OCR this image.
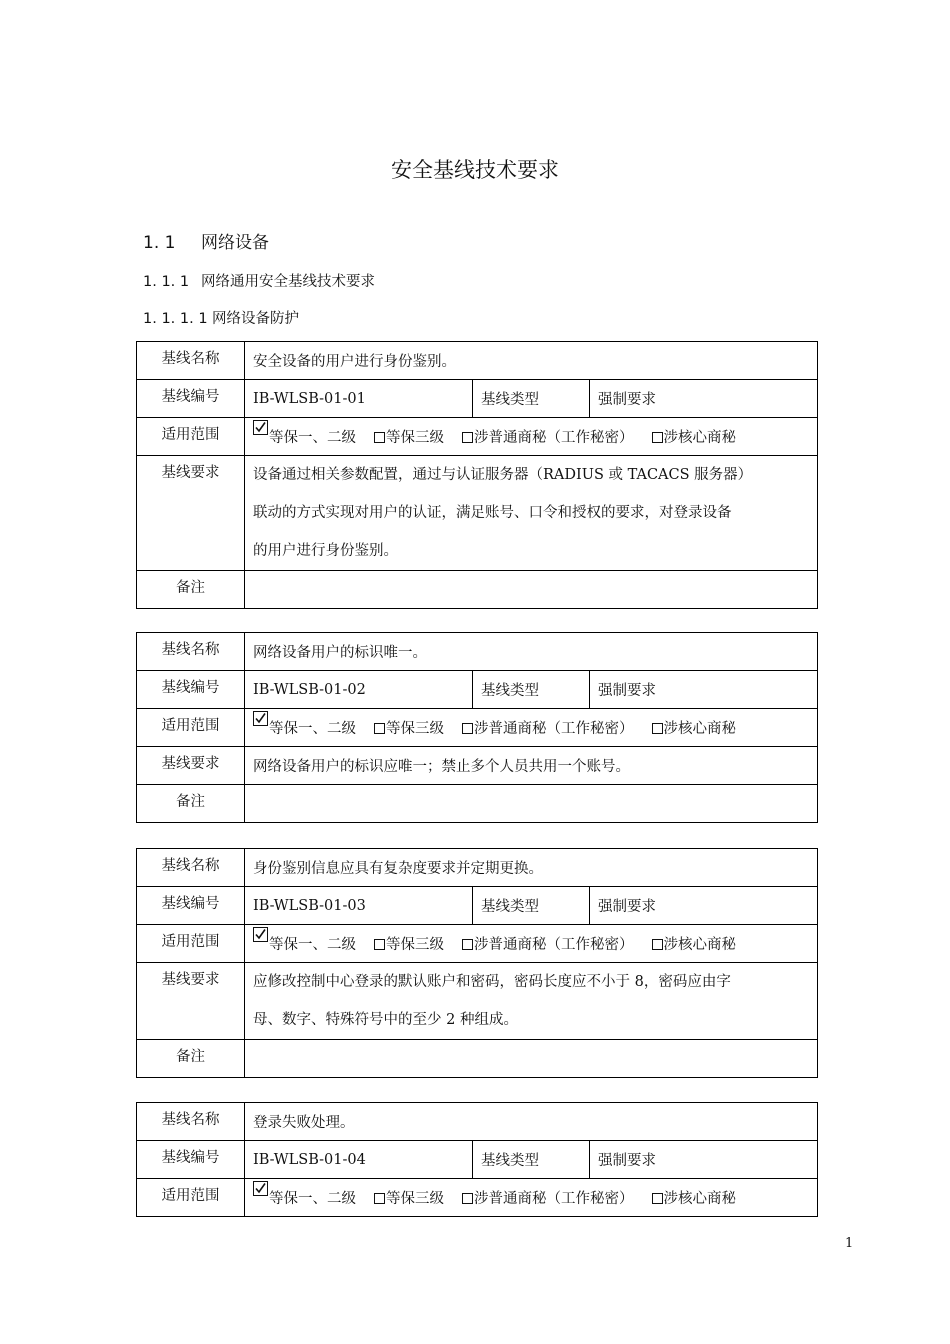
安全基线技术要求
1. 1 网络设备
1. 1. 1 网络通用安全基线技术要求
1. 1. 1. 1 网络设备防护
基线名称	安全设备的用户进行身份鉴别。		
基线编号	IB-WLSB-01-01	基线类型	强制要求
适用范围	等保一、二级 等保三级 涉普通商秘（工作秘密） 涉核心商秘		
基线要求	设备通过相关参数配置，通过与认证服务器（RADIUS 或 TACACS 服务器）
联动的方式实现对用户的认证，满足账号、口令和授权的要求，对登录设备
的用户进行身份鉴别。		

备注			
基线名称	网络设备用户的标识唯一。		
基线编号	IB-WLSB-01-02	基线类型	强制要求
适用范围	等保一、二级 等保三级 涉普通商秘（工作秘密） 涉核心商秘		
基线要求	网络设备用户的标识应唯一；禁止多个人员共用一个账号。		
备注			
基线名称	身份鉴别信息应具有复杂度要求并定期更换。		
基线编号	IB-WLSB-01-03	基线类型	强制要求
适用范围	等保一、二级 等保三级 涉普通商秘（工作秘密） 涉核心商秘		
基线要求	应修改控制中心登录的默认账户和密码，密码长度应不小于 8，密码应由字
母、数字、特殊符号中的至少 2 种组成。		

备注			
基线名称	登录失败处理。		
基线编号	IB-WLSB-01-04	基线类型	强制要求
适用范围	等保一、二级 等保三级 涉普通商秘（工作秘密） 涉核心商秘		
1
